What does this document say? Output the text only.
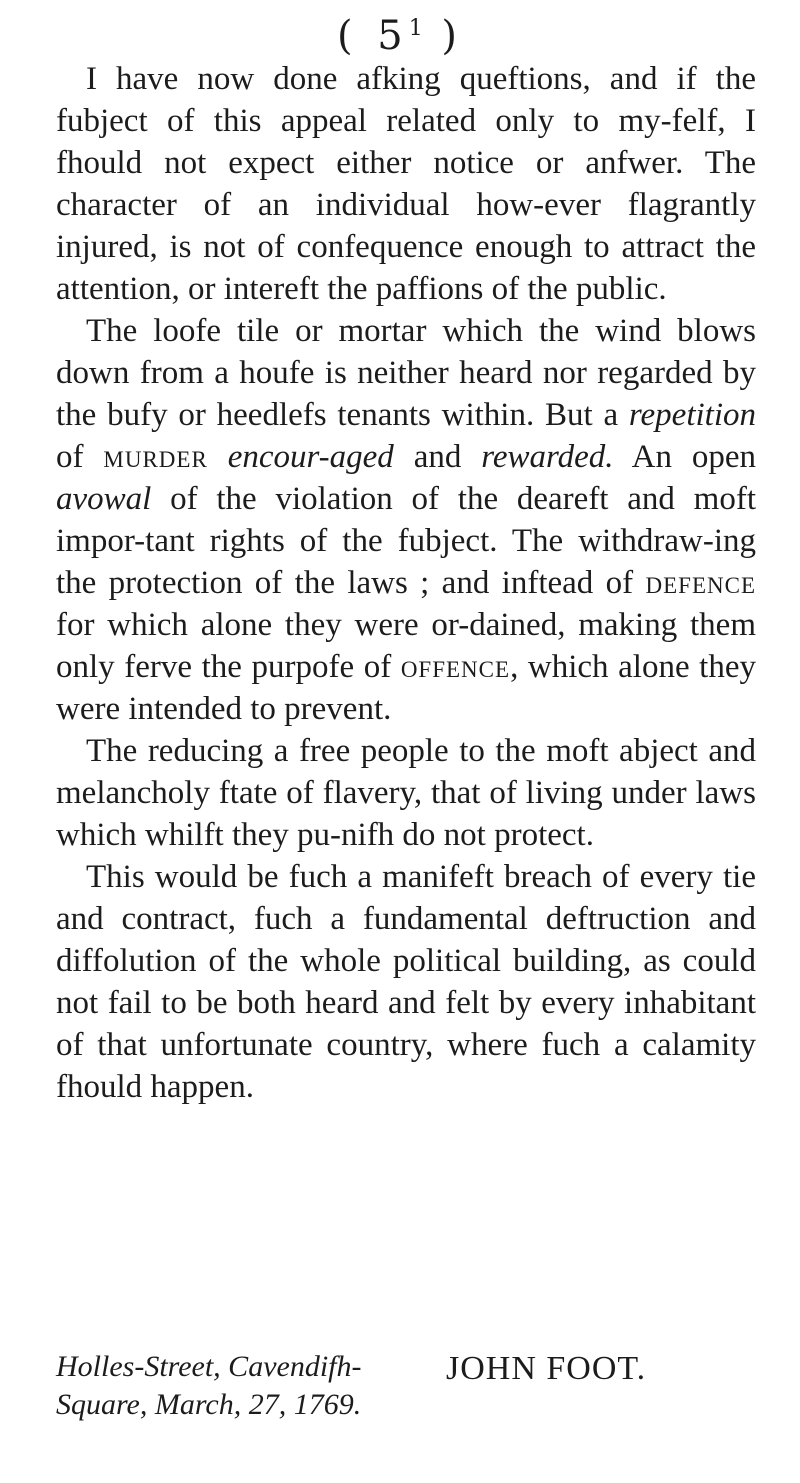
( $5^1$ )

I have now done afking queftions, and if the fubject of this appeal related only to my-felf, I fhould not expect either notice or anfwer. The character of an individual how-ever flagrantly injured, is not of confequence enough to attract the attention, or intereft the paffions of the public.

The loofe tile or mortar which the wind blows down from a houfe is neither heard nor regarded by the bufy or heedlefs tenants within. But a repetition of murder encour-aged and rewarded. An open avowal of the violation of the deareft and moft impor-tant rights of the fubject. The withdraw-ing the protection of the laws ; and inftead of defence for which alone they were or-dained, making them only ferve the purpofe of offence, which alone they were intended to prevent.

The reducing a free people to the moft abject and melancholy ftate of flavery, that of living under laws which whilft they pu-nifh do not protect.

This would be fuch a manifeft breach of every tie and contract, fuch a fundamental deftruction and diffolution of the whole political building, as could not fail to be both heard and felt by every inhabitant of that unfortunate country, where fuch a calamity fhould happen.

Holles-Street, Cavendifh-
Square, March, 27, 1769.
JOHN FOOT.
